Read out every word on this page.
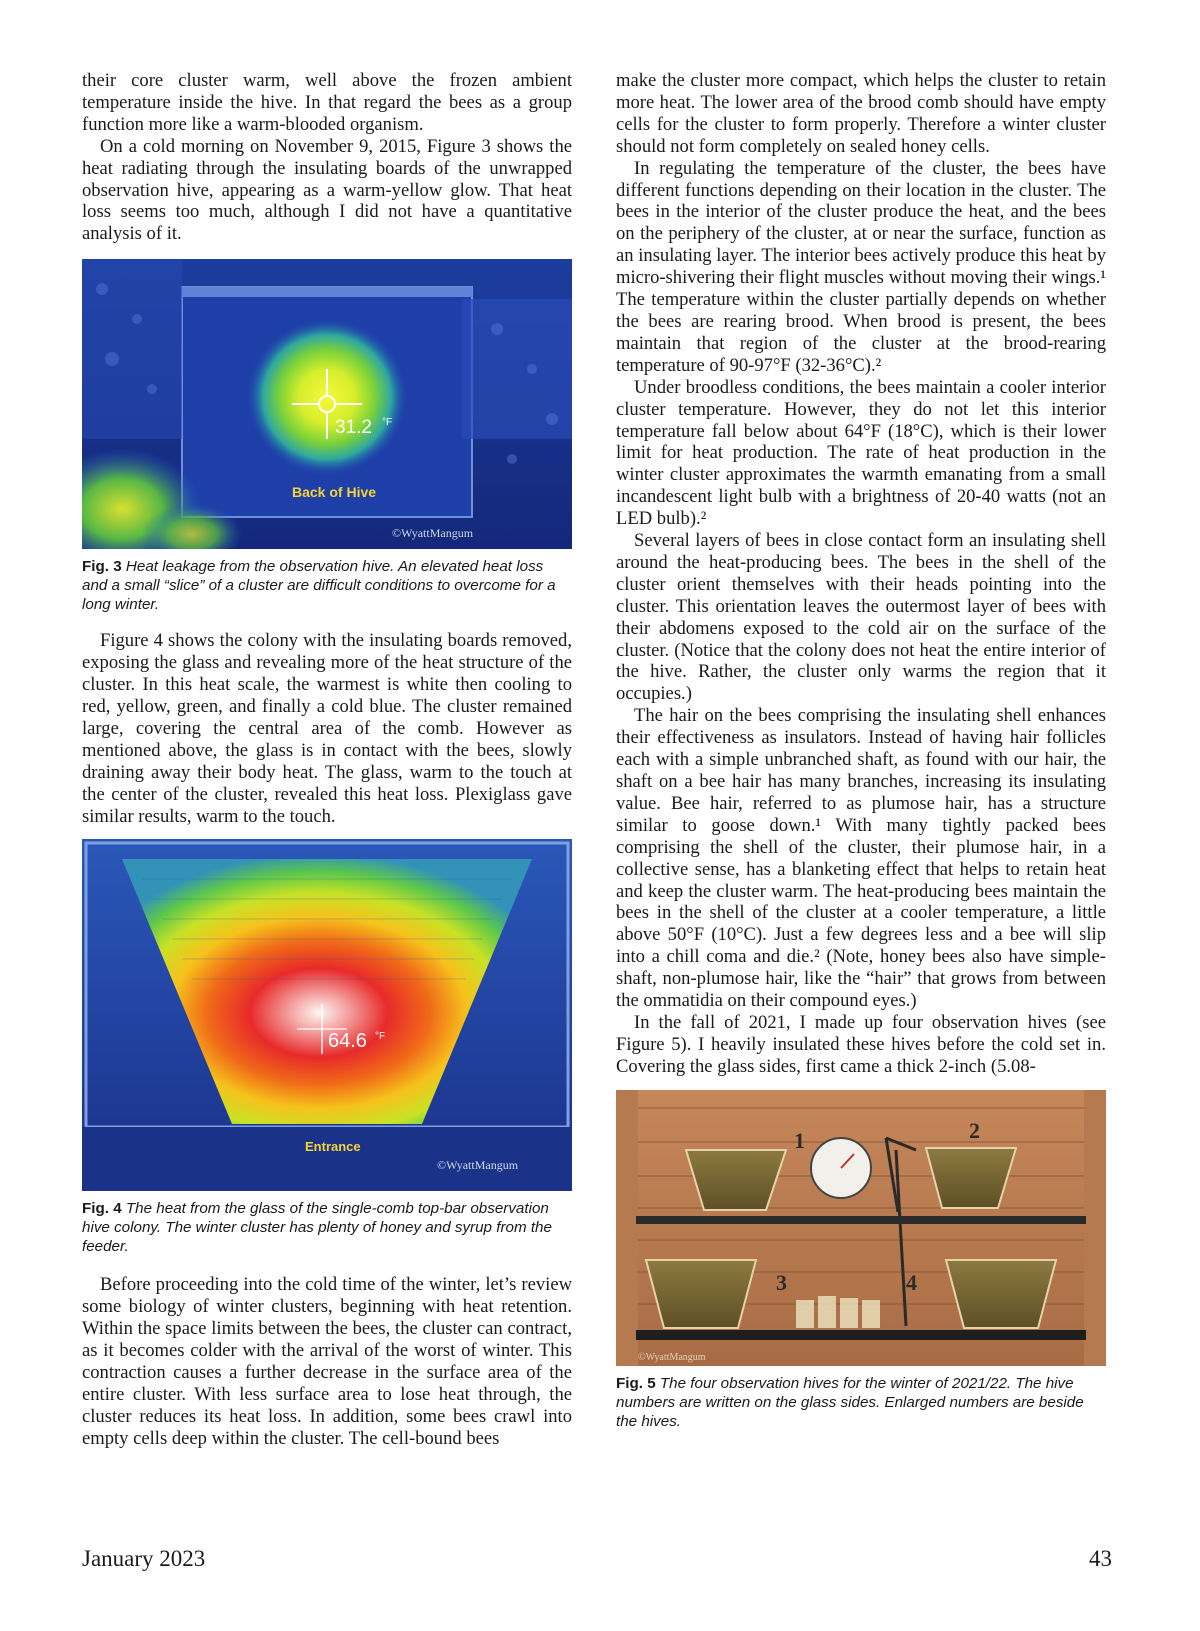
their core cluster warm, well above the frozen ambient temperature inside the hive. In that regard the bees as a group function more like a warm-blooded organism.

On a cold morning on November 9, 2015, Figure 3 shows the heat radiating through the insulating boards of the unwrapped observation hive, appearing as a warm-yellow glow. That heat loss seems too much, although I did not have a quantitative analysis of it.

31.2 °F
Back of Hive
©WyattMangum

Fig. 3 Heat leakage from the observation hive. An elevated heat loss and a small “slice” of a cluster are difficult conditions to overcome for a long winter.

Figure 4 shows the colony with the insulating boards removed, exposing the glass and revealing more of the heat structure of the cluster. In this heat scale, the warmest is white then cooling to red, yellow, green, and finally a cold blue. The cluster remained large, covering the central area of the comb. However as mentioned above, the glass is in contact with the bees, slowly draining away their body heat. The glass, warm to the touch at the center of the cluster, revealed this heat loss. Plexiglass gave similar results, warm to the touch.

64.6 °F
Entrance
©WyattMangum

Fig. 4 The heat from the glass of the single-comb top-bar observation hive colony. The winter cluster has plenty of honey and syrup from the feeder.

Before proceeding into the cold time of the winter, let’s review some biology of winter clusters, beginning with heat retention. Within the space limits between the bees, the cluster can contract, as it becomes colder with the arrival of the worst of winter. This contraction causes a further decrease in the surface area of the entire cluster. With less surface area to lose heat through, the cluster reduces its heat loss. In addition, some bees crawl into empty cells deep within the cluster. The cell-bound bees

make the cluster more compact, which helps the cluster to retain more heat. The lower area of the brood comb should have empty cells for the cluster to form properly. Therefore a winter cluster should not form completely on sealed honey cells.

In regulating the temperature of the cluster, the bees have different functions depending on their location in the cluster. The bees in the interior of the cluster produce the heat, and the bees on the periphery of the cluster, at or near the surface, function as an insulating layer. The interior bees actively produce this heat by micro-shivering their flight muscles without moving their wings.¹ The temperature within the cluster partially depends on whether the bees are rearing brood. When brood is present, the bees maintain that region of the cluster at the brood-rearing temperature of 90-97°F (32-36°C).²

Under broodless conditions, the bees maintain a cooler interior cluster temperature. However, they do not let this interior temperature fall below about 64°F (18°C), which is their lower limit for heat production. The rate of heat production in the winter cluster approximates the warmth emanating from a small incandescent light bulb with a brightness of 20-40 watts (not an LED bulb).²

Several layers of bees in close contact form an insulating shell around the heat-producing bees. The bees in the shell of the cluster orient themselves with their heads pointing into the cluster. This orientation leaves the outermost layer of bees with their abdomens exposed to the cold air on the surface of the cluster. (Notice that the colony does not heat the entire interior of the hive. Rather, the cluster only warms the region that it occupies.)

The hair on the bees comprising the insulating shell enhances their effectiveness as insulators. Instead of having hair follicles each with a simple unbranched shaft, as found with our hair, the shaft on a bee hair has many branches, increasing its insulating value. Bee hair, referred to as plumose hair, has a structure similar to goose down.¹ With many tightly packed bees comprising the shell of the cluster, their plumose hair, in a collective sense, has a blanketing effect that helps to retain heat and keep the cluster warm. The heat-producing bees maintain the bees in the shell of the cluster at a cooler temperature, a little above 50°F (10°C). Just a few degrees less and a bee will slip into a chill coma and die.² (Note, honey bees also have simple-shaft, non-plumose hair, like the “hair” that grows from between the ommatidia on their compound eyes.)

In the fall of 2021, I made up four observation hives (see Figure 5). I heavily insulated these hives before the cold set in. Covering the glass sides, first came a thick 2-inch (5.08-

1	2
3	4
©WyattMangum

Fig. 5 The four observation hives for the winter of 2021/22. The hive numbers are written on the glass sides. Enlarged numbers are beside the hives.

January 2023	43
